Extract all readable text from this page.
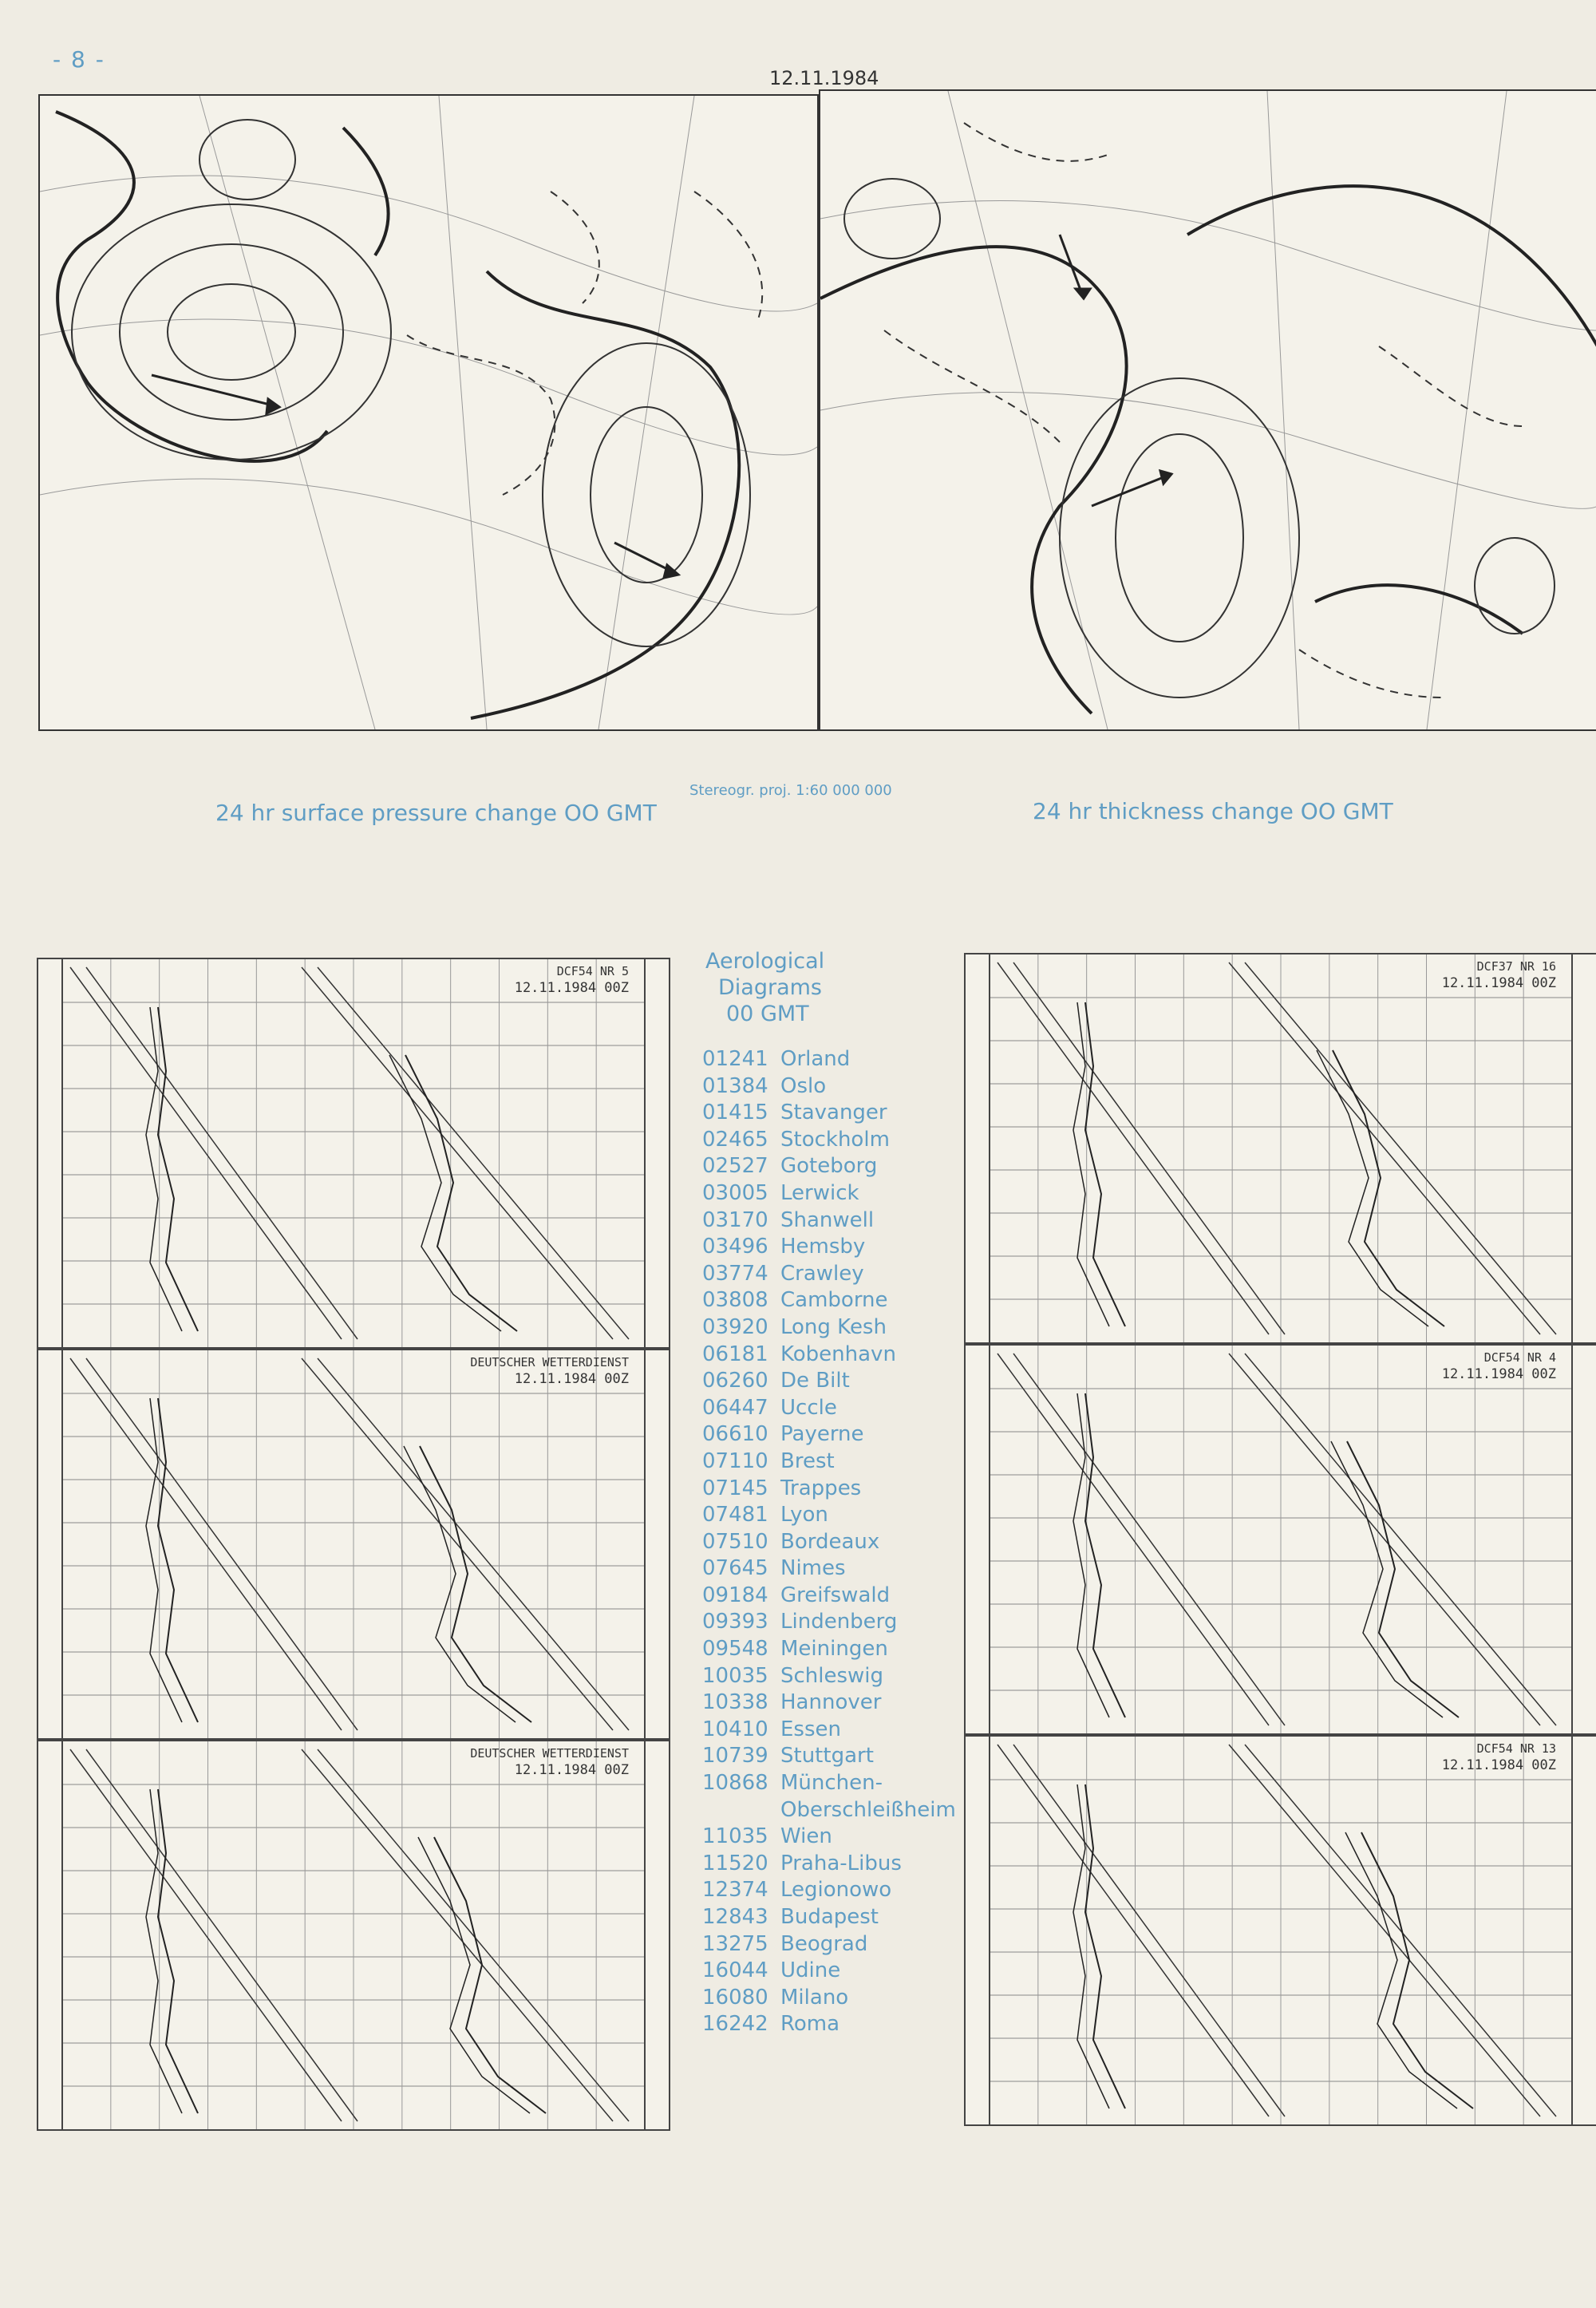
- 8 -
12.11.1984
24 hr surface pressure change OO GMT
Stereogr. proj. 1:60 000 000
24 hr thickness change OO GMT
DCF54 NR 5
12.11.1984 00Z
DEUTSCHER WETTERDIENST
12.11.1984 00Z
DEUTSCHER WETTERDIENST
12.11.1984 00Z
Aerological
Diagrams
00 GMT
01241 Orland
01384 Oslo
01415 Stavanger
02465 Stockholm
02527 Goteborg
03005 Lerwick
03170 Shanwell
03496 Hemsby
03774 Crawley
03808 Camborne
03920 Long Kesh
06181 Kobenhavn
06260 De Bilt
06447 Uccle
06610 Payerne
07110 Brest
07145 Trappes
07481 Lyon
07510 Bordeaux
07645 Nimes
09184 Greifswald
09393 Lindenberg
09548 Meiningen
10035 Schleswig
10338 Hannover
10410 Essen
10739 Stuttgart
10868 München-Oberschleißheim
11035 Wien
11520 Praha-Libus
12374 Legionowo
12843 Budapest
13275 Beograd
16044 Udine
16080 Milano
16242 Roma
DCF37 NR 16
12.11.1984 00Z
DCF54 NR 4
12.11.1984 00Z
DCF54 NR 13
12.11.1984 00Z
